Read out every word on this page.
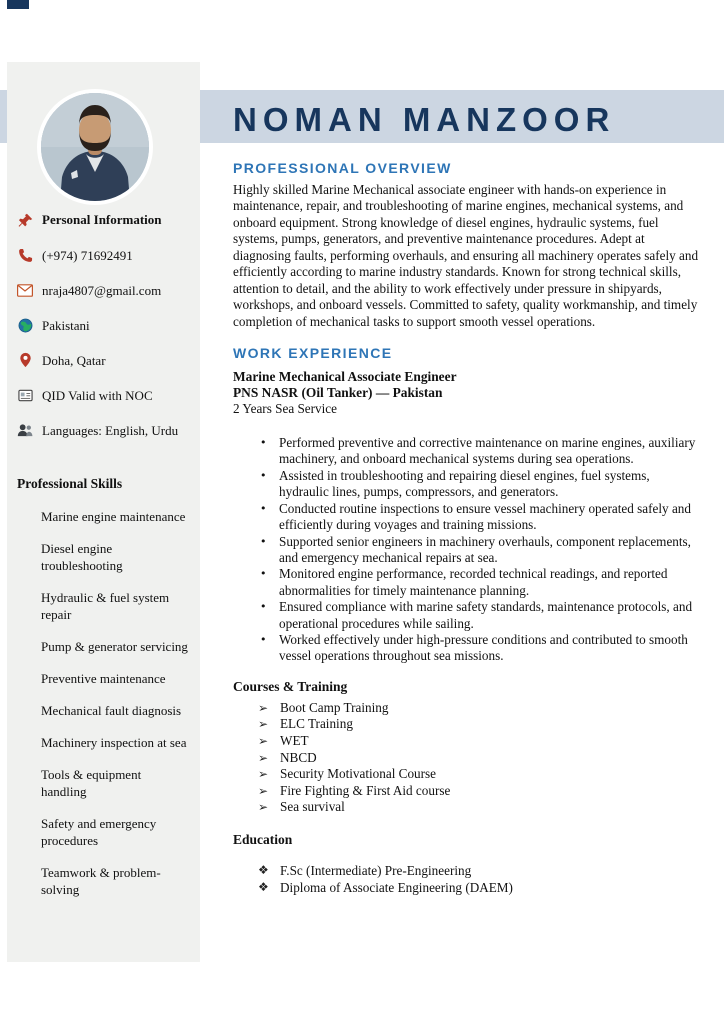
Personal Information
(+974) 71692491
nraja4807@gmail.com
Pakistani
Doha, Qatar
QID Valid with NOC
Languages: English, Urdu
Professional Skills
Marine engine maintenance
Diesel engine troubleshooting
Hydraulic & fuel system repair
Pump & generator servicing
Preventive maintenance
Mechanical fault diagnosis
Machinery inspection at sea
Tools & equipment handling
Safety and emergency procedures
Teamwork & problem-solving
NOMAN MANZOOR
PROFESSIONAL OVERVIEW

Highly skilled Marine Mechanical associate engineer with hands-on experience in maintenance, repair, and troubleshooting of marine engines, mechanical systems, and onboard equipment. Strong knowledge of diesel engines, hydraulic systems, fuel systems, pumps, generators, and preventive maintenance procedures. Adept at diagnosing faults, performing overhauls, and ensuring all machinery operates safely and efficiently according to marine industry standards. Known for strong technical skills, attention to detail, and the ability to work effectively under pressure in shipyards, workshops, and onboard vessels. Committed to safety, quality workmanship, and timely completion of mechanical tasks to support smooth vessel operations.

WORK EXPERIENCE
Marine Mechanical Associate Engineer
PNS NASR (Oil Tanker) — Pakistan
2 Years Sea Service
• Performed preventive and corrective maintenance on marine engines, auxiliary machinery, and onboard mechanical systems during sea operations.
• Assisted in troubleshooting and repairing diesel engines, fuel systems, hydraulic lines, pumps, compressors, and generators.
• Conducted routine inspections to ensure vessel machinery operated safely and efficiently during voyages and training missions.
• Supported senior engineers in machinery overhauls, component replacements, and emergency mechanical repairs at sea.
• Monitored engine performance, recorded technical readings, and reported abnormalities for timely maintenance planning.
• Ensured compliance with marine safety standards, maintenance protocols, and operational procedures while sailing.
• Worked effectively under high-pressure conditions and contributed to smooth vessel operations throughout sea missions.
Courses & Training
➢ Boot Camp Training
➢ ELC Training
➢ WET
➢ NBCD
➢ Security Motivational Course
➢ Fire Fighting & First Aid course
➢ Sea survival
Education
❖ F.Sc (Intermediate) Pre-Engineering
❖ Diploma of Associate Engineering (DAEM)
